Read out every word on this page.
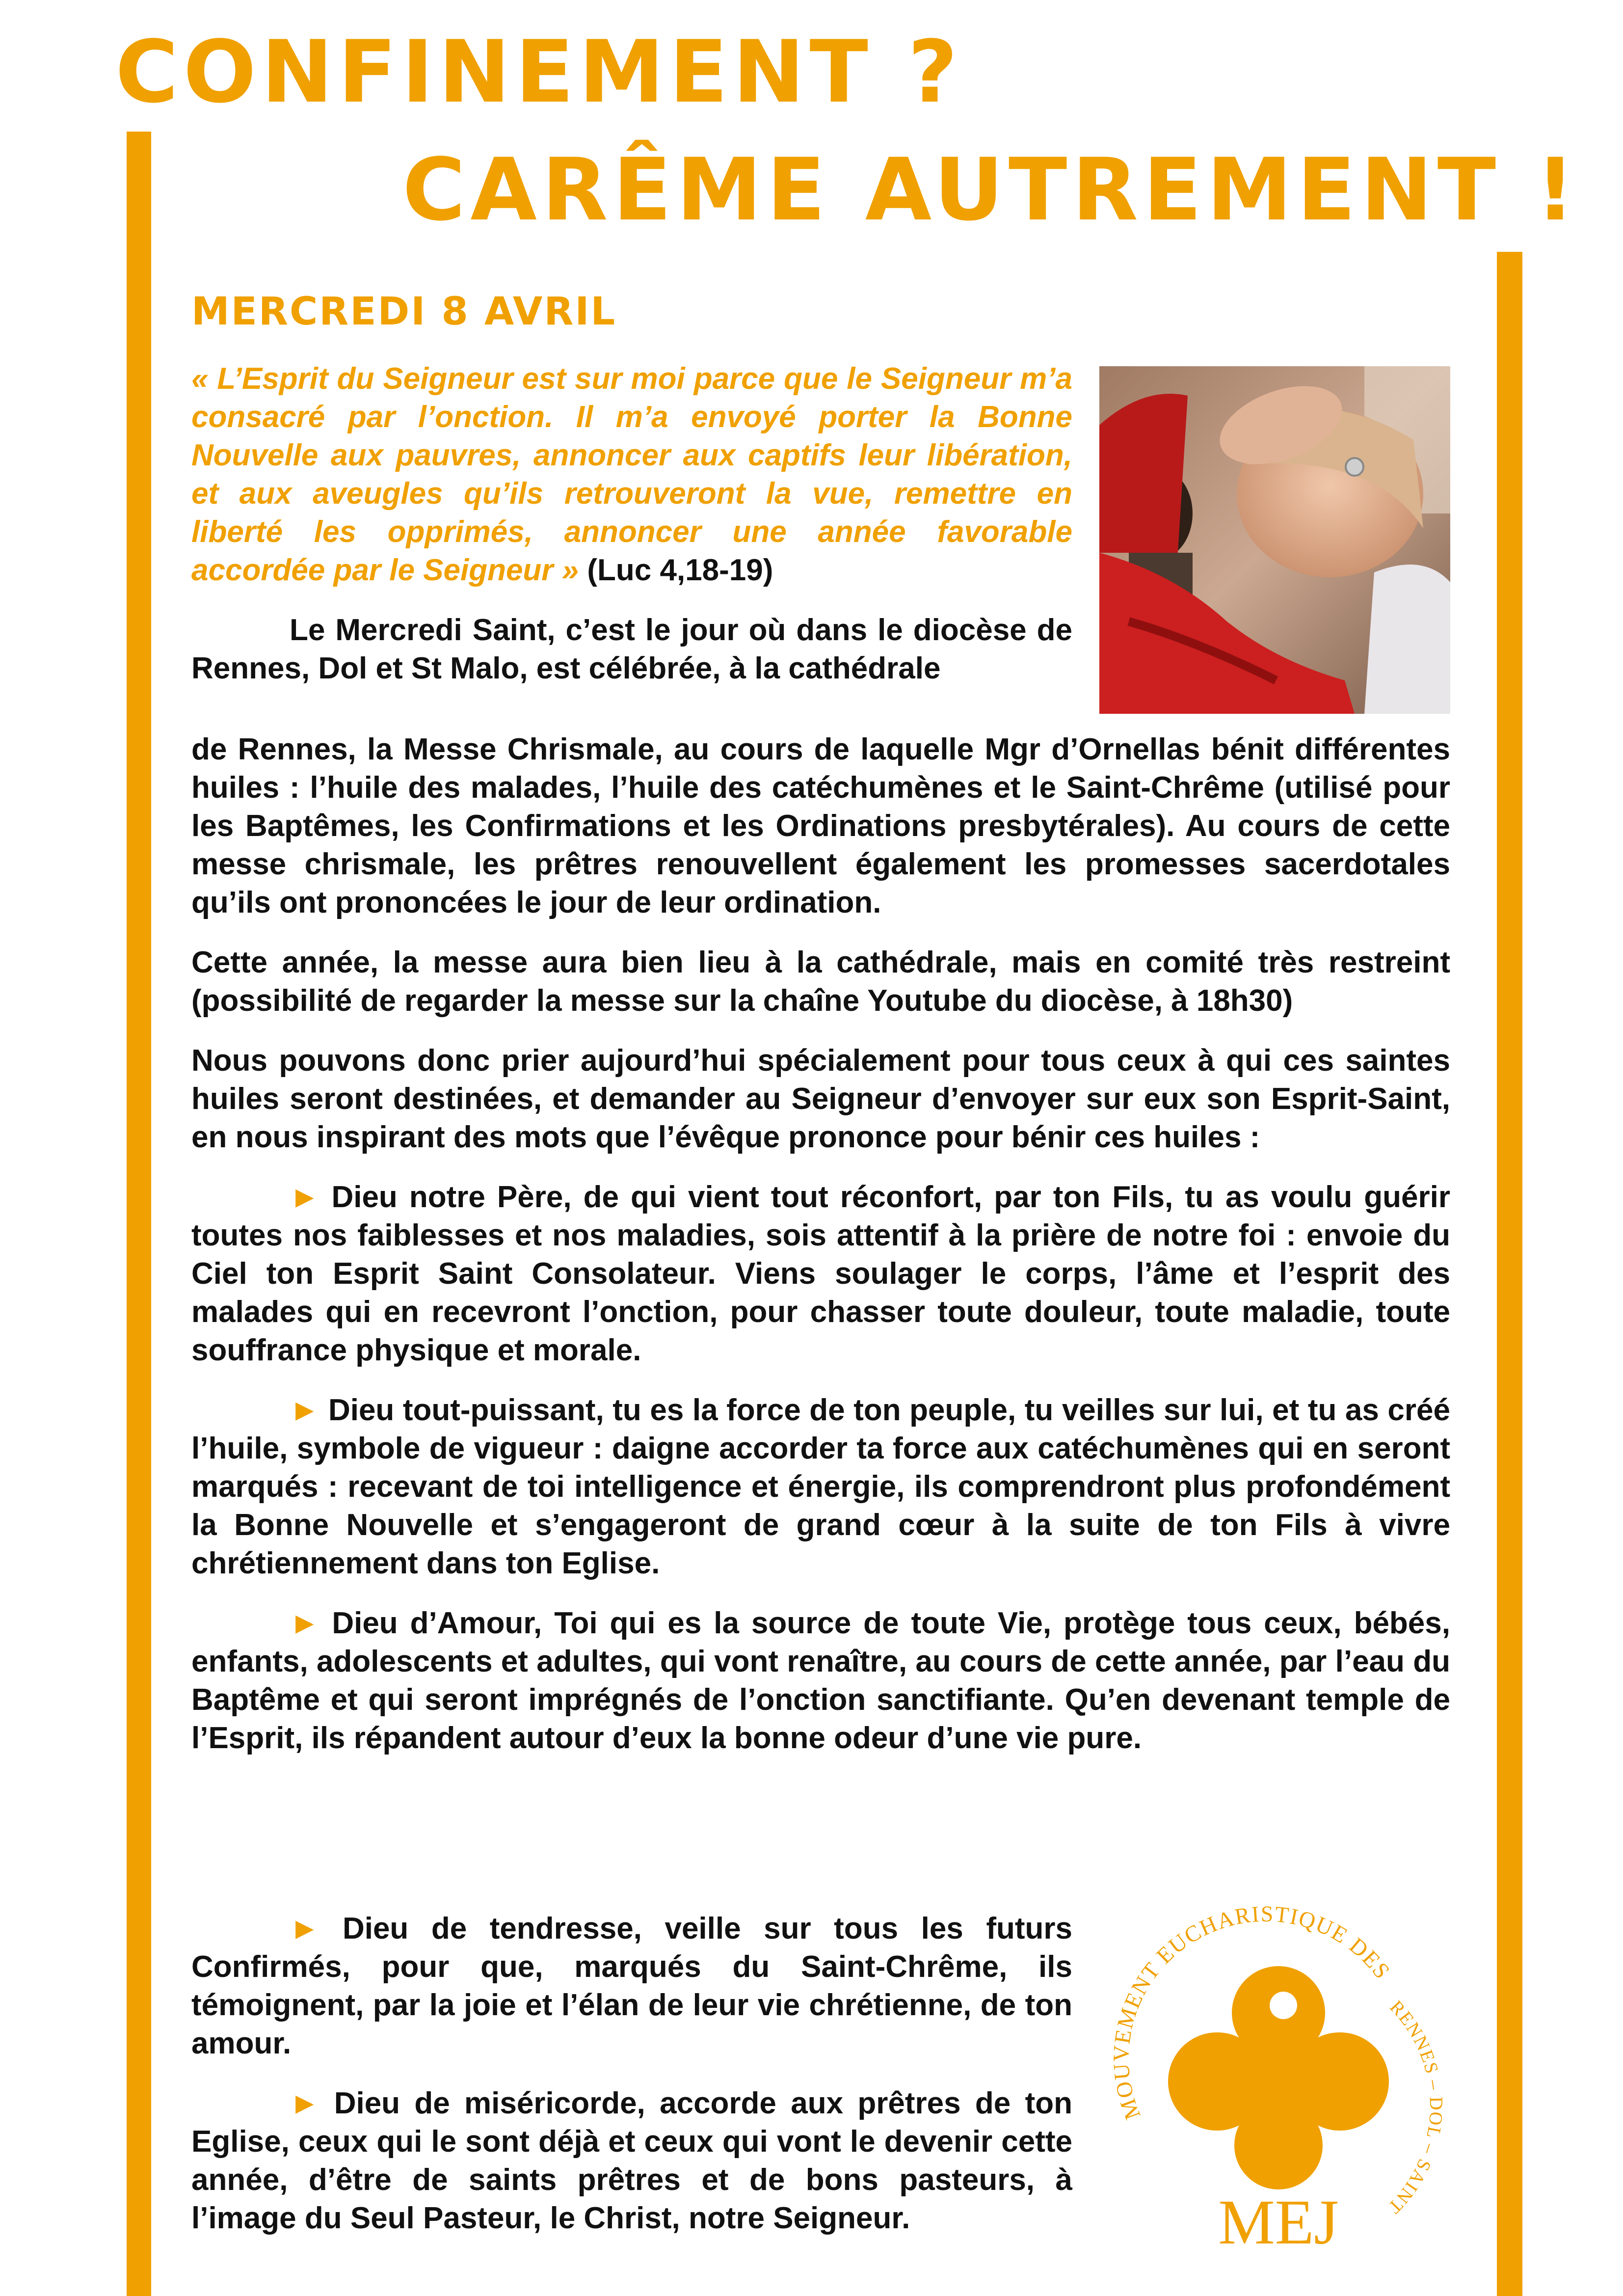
CONFINEMENT ?
CARÊME AUTREMENT !
MERCREDI 8 AVRIL

« L’Esprit du Seigneur est sur moi parce que le Seigneur m’a consacré par l’onction. Il m’a envoyé porter la Bonne Nouvelle aux pauvres, annoncer aux captifs leur libération, et aux aveugles qu’ils retrouveront la vue, remettre en liberté les opprimés, annoncer une année favorable accordée par le Seigneur » (Luc 4,18-19)

Le Mercredi Saint, c’est le jour où dans le diocèse de Rennes, Dol et St Malo, est célébrée, à la cathédrale

de Rennes, la Messe Chrismale, au cours de laquelle Mgr d’Ornellas bénit différentes huiles : l’huile des malades, l’huile des catéchumènes et le Saint-Chrême (utilisé pour les Baptêmes, les Confirmations et les Ordinations presbytérales). Au cours de cette messe chrismale, les prêtres renouvellent également les promesses sacerdotales qu’ils ont prononcées le jour de leur ordination.

Cette année, la messe aura bien lieu à la cathédrale, mais en comité très restreint (possibilité de regarder la messe sur la chaîne Youtube du diocèse, à 18h30)

Nous pouvons donc prier aujourd’hui spécialement pour tous ceux à qui ces saintes huiles seront destinées, et demander au Seigneur d’envoyer sur eux son Esprit-Saint, en nous inspirant des mots que l’évêque prononce pour bénir ces huiles :

► Dieu notre Père, de qui vient tout réconfort, par ton Fils, tu as voulu guérir toutes nos faiblesses et nos maladies, sois attentif à la prière de notre foi : envoie du Ciel ton Esprit Saint Consolateur. Viens soulager le corps, l’âme et l’esprit des malades qui en recevront l’onction, pour chasser toute douleur, toute maladie, toute souffrance physique et morale.

► Dieu tout-puissant, tu es la force de ton peuple, tu veilles sur lui, et tu as créé l’huile, symbole de vigueur : daigne accorder ta force aux catéchumènes qui en seront marqués : recevant de toi intelligence et énergie, ils comprendront plus profondément la Bonne Nouvelle et s’engageront de grand cœur à la suite de ton Fils à vivre chrétiennement dans ton Eglise.

► Dieu d’Amour, Toi qui es la source de toute Vie, protège tous ceux, bébés, enfants, adolescents et adultes, qui vont renaître, au cours de cette année, par l’eau du Baptême et qui seront imprégnés de l’onction sanctifiante. Qu’en devenant temple de l’Esprit, ils répandent autour d’eux la bonne odeur d’une vie pure.

► Dieu de tendresse, veille sur tous les futurs Confirmés, pour que, marqués du Saint-Chrême, ils témoignent, par la joie et l’élan de leur vie chrétienne, de ton amour.

► Dieu de miséricorde, accorde aux prêtres de ton Eglise, ceux qui le sont déjà et ceux qui vont le devenir cette année, d’être de saints prêtres et de bons pasteurs, à l’image du Seul Pasteur, le Christ, notre Seigneur.

MOUVEMENT EUCHARISTIQUE DES
RENNES – DOL – SAINT
MEJ
